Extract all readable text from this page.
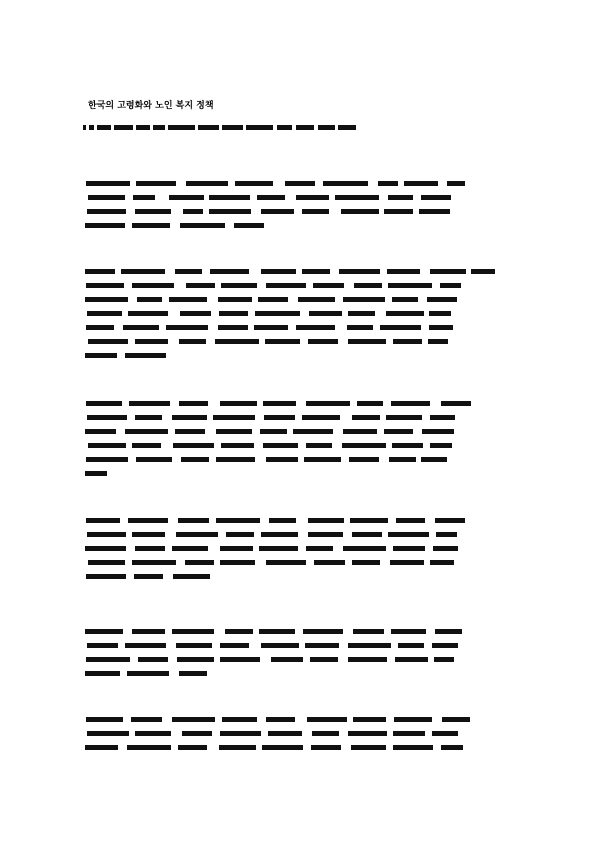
한국의 고령화와 노인 복지 정책
